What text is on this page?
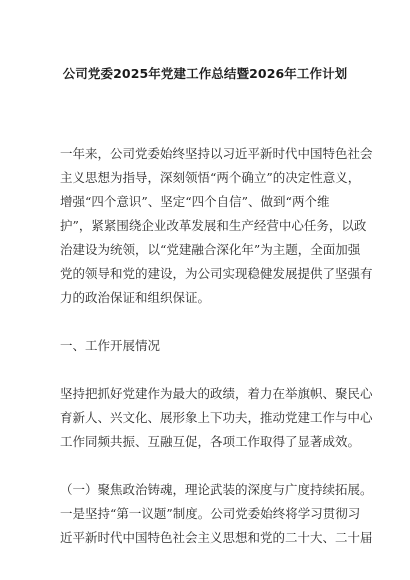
公司党委2025年党建工作总结暨2026年工作计划
一年来，公司党委始终坚持以习近平新时代中国特色社会
主义思想为指导，深刻领悟“两个确立”的决定性意义，
增强“四个意识”、坚定“四个自信”、做到“两个维
护”，紧紧围绕企业改革发展和生产经营中心任务，以政
治建设为统领，以“党建融合深化年”为主题，全面加强
党的领导和党的建设，为公司实现稳健发展提供了坚强有
力的政治保证和组织保证。
一、工作开展情况
坚持把抓好党建作为最大的政绩，着力在举旗帜、聚民心
育新人、兴文化、展形象上下功夫，推动党建工作与中心
工作同频共振、互融互促，各项工作取得了显著成效。
（一）聚焦政治铸魂，理论武装的深度与广度持续拓展。
一是坚持“第一议题”制度。公司党委始终将学习贯彻习
近平新时代中国特色社会主义思想和党的二十大、二十届
